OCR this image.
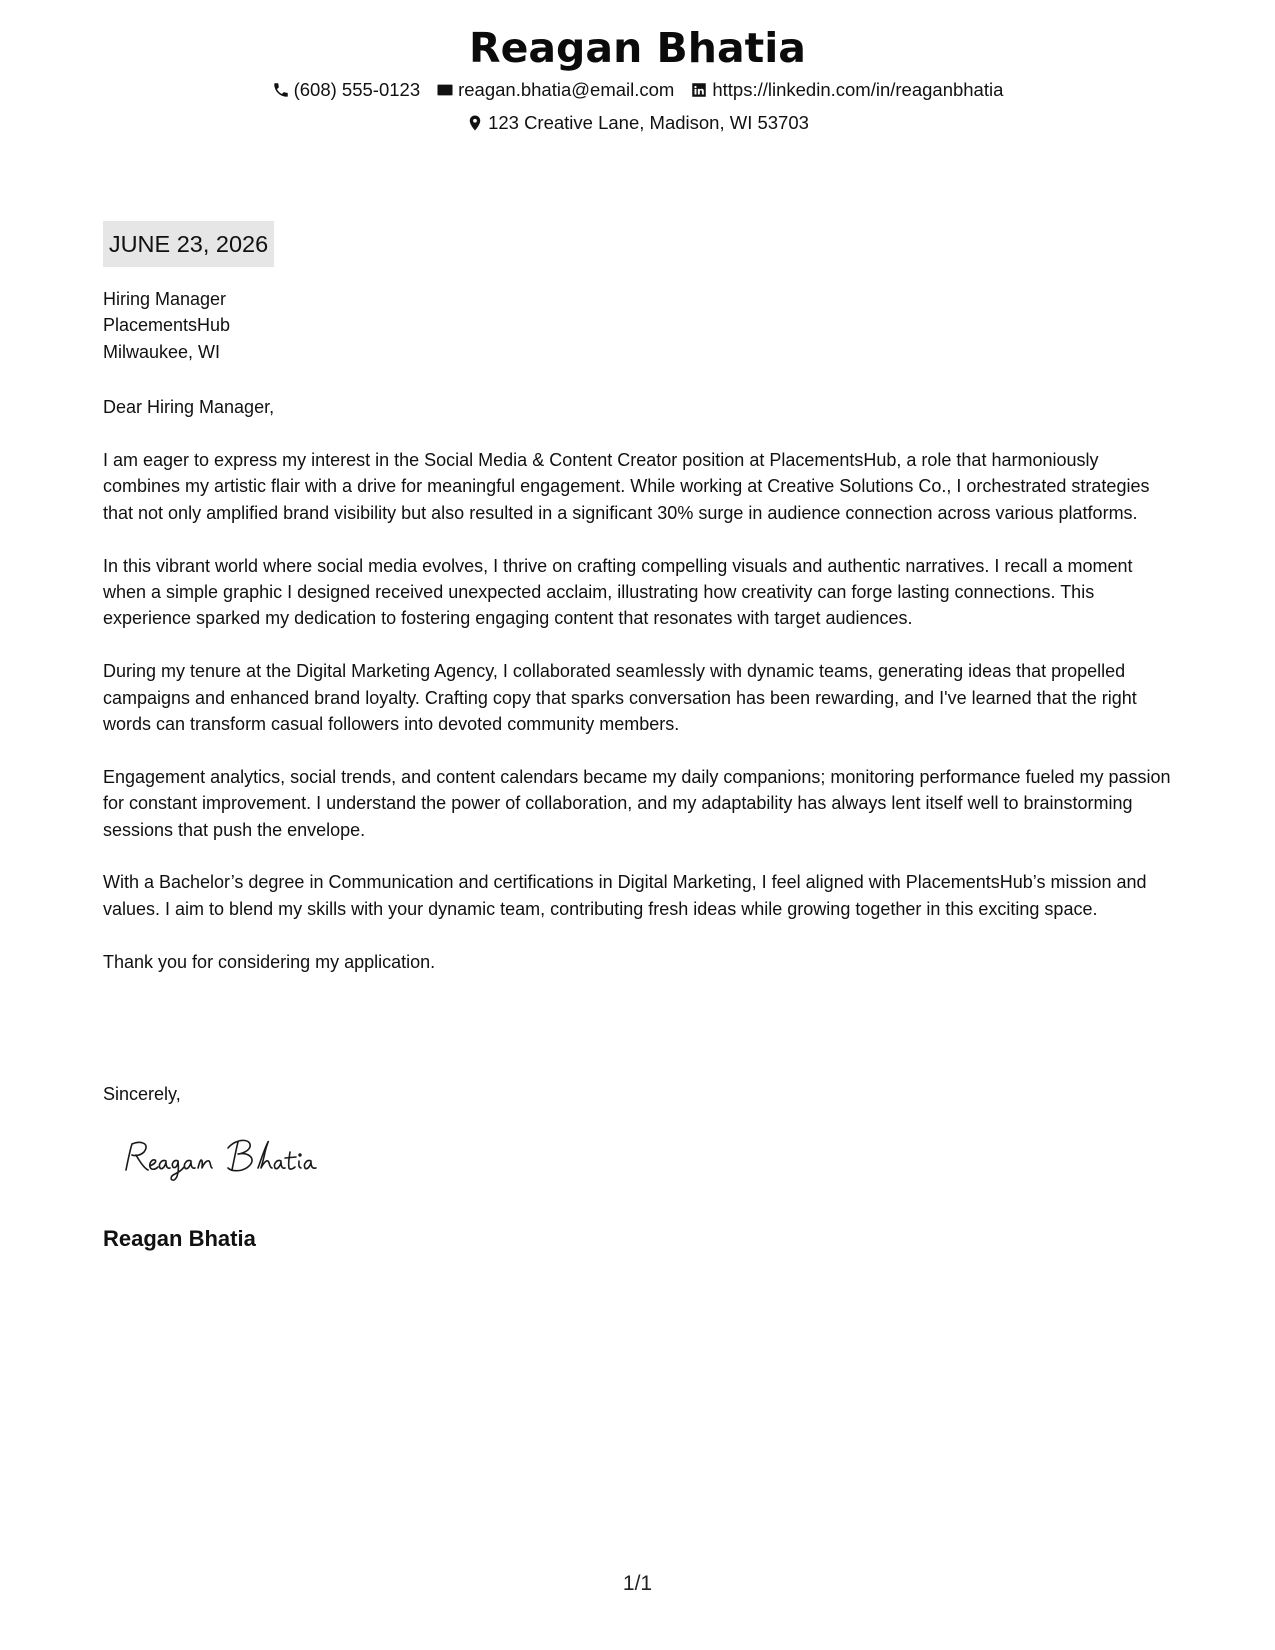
Reagan Bhatia
(608) 555-0123 reagan.bhatia@email.com https://linkedin.com/in/reaganbhatia
123 Creative Lane, Madison, WI 53703
JUNE 23, 2026
Hiring Manager
PlacementsHub
Milwaukee, WI
Dear Hiring Manager,

I am eager to express my interest in the Social Media & Content Creator position at PlacementsHub, a role that harmoniously combines my artistic flair with a drive for meaningful engagement. While working at Creative Solutions Co., I orchestrated strategies that not only amplified brand visibility but also resulted in a significant 30% surge in audience connection across various platforms.

In this vibrant world where social media evolves, I thrive on crafting compelling visuals and authentic narratives. I recall a moment when a simple graphic I designed received unexpected acclaim, illustrating how creativity can forge lasting connections. This experience sparked my dedication to fostering engaging content that resonates with target audiences.

During my tenure at the Digital Marketing Agency, I collaborated seamlessly with dynamic teams, generating ideas that propelled campaigns and enhanced brand loyalty. Crafting copy that sparks conversation has been rewarding, and I've learned that the right words can transform casual followers into devoted community members.

Engagement analytics, social trends, and content calendars became my daily companions; monitoring performance fueled my passion for constant improvement. I understand the power of collaboration, and my adaptability has always lent itself well to brainstorming sessions that push the envelope.

With a Bachelor’s degree in Communication and certifications in Digital Marketing, I feel aligned with PlacementsHub’s mission and values. I aim to blend my skills with your dynamic team, contributing fresh ideas while growing together in this exciting space.

Thank you for considering my application.

Sincerely,
Reagan Bhatia
1/1
